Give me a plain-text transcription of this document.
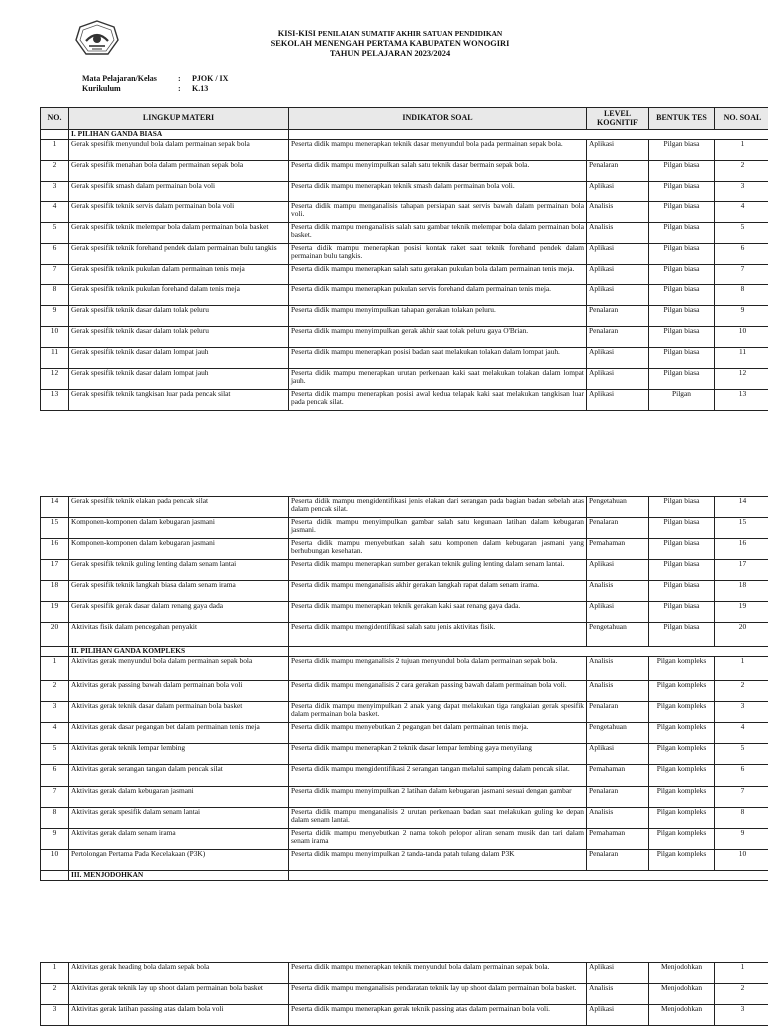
KISI-KISI PENILAIAN SUMATIF AKHIR SATUAN PENDIDIKAN
SEKOLAH MENENGAH PERTAMA KABUPATEN WONOGIRI
TAHUN PELAJARAN 2023/2024
Mata Pelajaran/Kelas	: PJOK / IX
Kurikulum	: K.13
NO.	LINGKUP MATERI	INDIKATOR SOAL	LEVEL KOGNITIF	BENTUK TES	NO. SOAL
	I. PILIHAN GANDA BIASA				
1	Gerak spesifik menyundul bola dalam permainan sepak bola	Peserta didik mampu menerapkan teknik dasar menyundul bola pada permainan sepak bola.	Aplikasi	Pilgan biasa	1
2	Gerak spesifik menahan bola dalam permainan sepak bola	Peserta didik mampu menyimpulkan salah satu teknik dasar bermain sepak bola.	Penalaran	Pilgan biasa	2
3	Gerak spesifik smash dalam permainan bola voli	Peserta didik mampu menerapkan teknik smash dalam permainan bola voli.	Aplikasi	Pilgan biasa	3
4	Gerak spesifik teknik servis dalam permainan bola voli	Peserta didik mampu menganalisis tahapan persiapan saat servis bawah dalam permainan bola voli.	Analisis	Pilgan biasa	4
5	Gerak spesifik teknik melempar bola dalam permainan bola basket	Peserta didik mampu menganalisis salah satu gambar teknik melempar bola dalam permainan bola basket.	Analisis	Pilgan biasa	5
6	Gerak spesifik teknik forehand pendek dalam permainan bulu tangkis	Peserta didik mampu menerapkan posisi kontak raket saat teknik forehand pendek dalam permainan bulu tangkis.	Aplikasi	Pilgan biasa	6
7	Gerak spesifik teknik pukulan dalam permainan tenis meja	Peserta didik mampu menerapkan salah satu gerakan pukulan bola dalam permainan tenis meja.	Aplikasi	Pilgan biasa	7
8	Gerak spesifik teknik pukulan forehand dalam tenis meja	Peserta didik mampu menerapkan pukulan servis forehand dalam permainan tenis meja.	Aplikasi	Pilgan biasa	8
9	Gerak spesifik teknik dasar dalam tolak peluru	Peserta didik mampu menyimpulkan tahapan gerakan tolakan peluru.	Penalaran	Pilgan biasa	9
10	Gerak spesifik teknik dasar dalam tolak peluru	Peserta didik mampu menyimpulkan gerak akhir saat tolak peluru gaya O'Brian.	Penalaran	Pilgan biasa	10
11	Gerak spesifik teknik dasar dalam lompat jauh	Peserta didik mampu menerapkan posisi badan saat melakukan tolakan dalam lompat jauh.	Aplikasi	Pilgan biasa	11
12	Gerak spesifik teknik dasar dalam lompat jauh	Peserta didik mampu menerapkan urutan perkenaan kaki saat melakukan tolakan dalam lompat jauh.	Aplikasi	Pilgan biasa	12
13	Gerak spesifik teknik tangkisan luar pada pencak silat	Peserta didik mampu menerapkan posisi awal kedua telapak kaki saat melakukan tangkisan luar pada pencak silat.	Aplikasi	Pilgan	13
14	Gerak spesifik teknik elakan pada pencak silat	Peserta didik mampu mengidentifikasi jenis elakan dari serangan pada bagian badan sebelah atas dalam pencak silat.	Pengetahuan	Pilgan biasa	14
15	Komponen-komponen dalam kebugaran jasmani	Peserta didik mampu menyimpulkan gambar salah satu kegunaan latihan dalam kebugaran jasmani.	Penalaran	Pilgan biasa	15
16	Komponen-komponen dalam kebugaran jasmani	Peserta didik mampu menyebutkan salah satu komponen dalam kebugaran jasmani yang berhubungan kesehatan.	Pemahaman	Pilgan biasa	16
17	Gerak spesifik teknik guling lenting dalam senam lantai	Peserta didik mampu menerapkan sumber gerakan teknik guling lenting dalam senam lantai.	Aplikasi	Pilgan biasa	17
18	Gerak spesifik teknik langkah biasa dalam senam irama	Peserta didik mampu menganalisis akhir gerakan langkah rapat dalam senam irama.	Analisis	Pilgan biasa	18
19	Gerak spesifik gerak dasar dalam renang gaya dada	Peserta didik mampu menerapkan teknik gerakan kaki saat renang gaya dada.	Aplikasi	Pilgan biasa	19
20	Aktivitas fisik dalam pencegahan penyakit	Peserta didik mampu mengidentifikasi salah satu jenis aktivitas fisik.	Pengetahuan	Pilgan biasa	20
	II. PILIHAN GANDA KOMPLEKS				
1	Aktivitas gerak menyundul bola dalam permainan sepak bola	Peserta didik mampu menganalisis 2 tujuan menyundul bola dalam permainan sepak bola.	Analisis	Pilgan kompleks	1
2	Aktivitas gerak passing bawah dalam permainan bola voli	Peserta didik mampu menganalisis 2 cara gerakan passing bawah dalam permainan bola voli.	Analisis	Pilgan kompleks	2
3	Aktivitas gerak teknik dasar dalam permainan bola basket	Peserta didik mampu menyimpulkan 2 anak yang dapat melakukan tiga rangkaian gerak spesifik dalam permainan bola basket.	Penalaran	Pilgan kompleks	3
4	Aktivitas gerak dasar pegangan bet dalam permainan tenis meja	Peserta didik mampu menyebutkan 2 pegangan bet dalam permainan tenis meja.	Pengetahuan	Pilgan kompleks	4
5	Aktivitas gerak teknik lempar lembing	Peserta didik mampu menerapkan 2 teknik dasar lempar lembing gaya menyilang	Aplikasi	Pilgan kompleks	5
6	Aktivitas gerak serangan tangan dalam pencak silat	Peserta didik mampu mengidentifikasi 2 serangan tangan melalui samping dalam pencak silat.	Pemahaman	Pilgan kompleks	6
7	Aktivitas gerak dalam kebugaran jasmani	Peserta didik mampu menyimpulkan 2 latihan dalam kebugaran jasmani sesuai dengan gambar	Penalaran	Pilgan kompleks	7
8	Aktivitas gerak spesifik dalam senam lantai	Peserta didik mampu menganalisis 2 urutan perkenaan badan saat melakukan guling ke depan dalam senam lantai.	Analisis	Pilgan kompleks	8
9	Aktivitas gerak dalam senam irama	Peserta didik mampu menyebutkan 2 nama tokoh pelopor aliran senam musik dan tari dalam senam irama	Pemahaman	Pilgan kompleks	9
10	Pertolongan Pertama Pada Kecelakaan (P3K)	Peserta didik mampu menyimpulkan 2 tanda-tanda patah tulang dalam P3K	Penalaran	Pilgan kompleks	10
	III. MENJODOHKAN				
1	Aktivitas gerak heading bola dalam sepak bola	Peserta didik mampu menerapkan teknik menyundul bola dalam permainan sepak bola.	Aplikasi	Menjodohkan	1
2	Aktivitas gerak teknik lay up shoot dalam permainan bola basket	Peserta didik mampu menganalisis pendaratan teknik lay up shoot dalam permainan bola basket.	Analisis	Menjodohkan	2
3	Aktivitas gerak latihan passing atas dalam bola voli	Peserta didik mampu menerapkan gerak teknik passing atas dalam permainan bola voli.	Aplikasi	Menjodohkan	3
